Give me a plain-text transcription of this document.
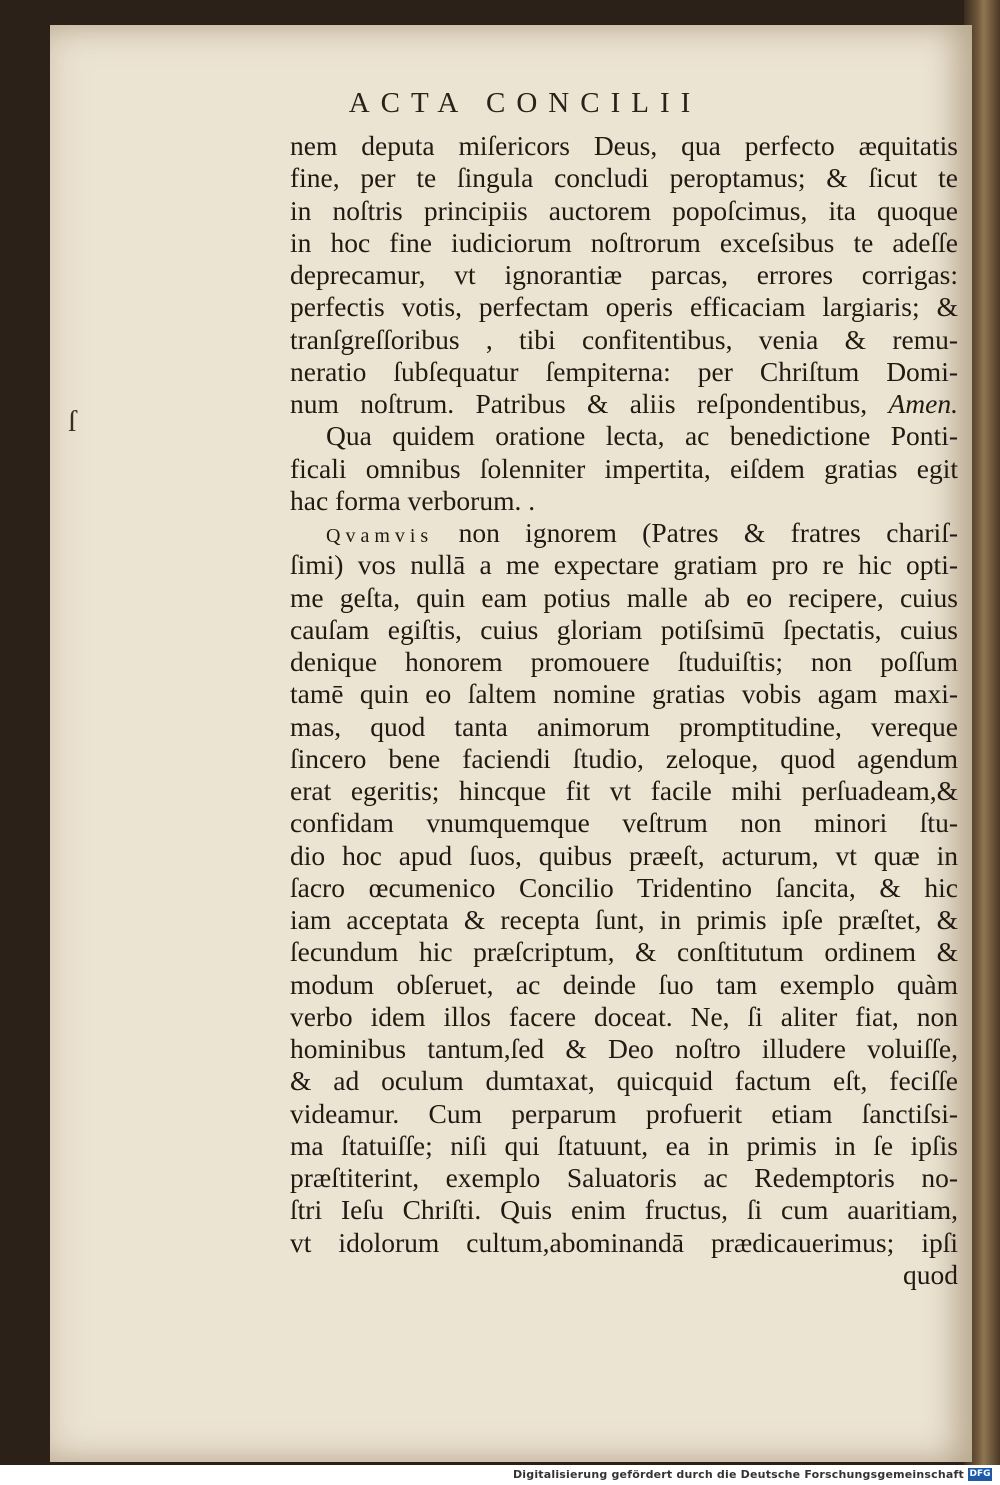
ACTA CONCILII
nem deputa miſericors Deus, qua perfecto æquitatis
fine, per te ſingula concludi peroptamus; & ſicut te
in noſtris principiis auctorem popoſcimus, ita quoque
in hoc fine iudiciorum noſtrorum exceſsibus te adeſſe
deprecamur, vt ignorantiæ parcas, errores corrigas:
perfectis votis, perfectam operis efficaciam largiaris; &
tranſgreſſoribus , tibi confitentibus, venia & remu-
neratio ſubſequatur ſempiterna: per Chriſtum Domi-
num noſtrum. Patribus & aliis reſpondentibus, Amen.
Qua quidem oratione lecta, ac benedictione Ponti-
ficali omnibus ſolenniter impertita, eiſdem gratias egit
hac forma verborum. .
Qvamvis non ignorem (Patres & fratres chariſ-
ſimi) vos nullā a me expectare gratiam pro re hic opti-
me geſta, quin eam potius malle ab eo recipere, cuius
cauſam egiſtis, cuius gloriam potiſsimū ſpectatis, cuius
denique honorem promouere ſtuduiſtis; non poſſum
tamē quin eo ſaltem nomine gratias vobis agam maxi-
mas, quod tanta animorum promptitudine, vereque
ſincero bene faciendi ſtudio, zeloque, quod agendum
erat egeritis; hincque fit vt facile mihi perſuadeam,&
confidam vnumquemque veſtrum non minori ſtu-
dio hoc apud ſuos, quibus præeſt, acturum, vt quæ in
ſacro œcumenico Concilio Tridentino ſancita, & hic
iam acceptata & recepta ſunt, in primis ipſe præſtet, &
ſecundum hic præſcriptum, & conſtitutum ordinem &
modum obſeruet, ac deinde ſuo tam exemplo quàm
verbo idem illos facere doceat. Ne, ſi aliter fiat, non
hominibus tantum,ſed & Deo noſtro illudere voluiſſe,
& ad oculum dumtaxat, quicquid factum eſt, feciſſe
videamur. Cum perparum profuerit etiam ſanctiſsi-
ma ſtatuiſſe; niſi qui ſtatuunt, ea in primis in ſe ipſis
præſtiterint, exemplo Saluatoris ac Redemptoris no-
ſtri Ieſu Chriſti. Quis enim fructus, ſi cum auaritiam,
vt idolorum cultum,abominandā prædicauerimus; ipſi
quod
ſ
Digitalisierung gefördert durch die Deutsche Forschungsgemeinschaft DFG
